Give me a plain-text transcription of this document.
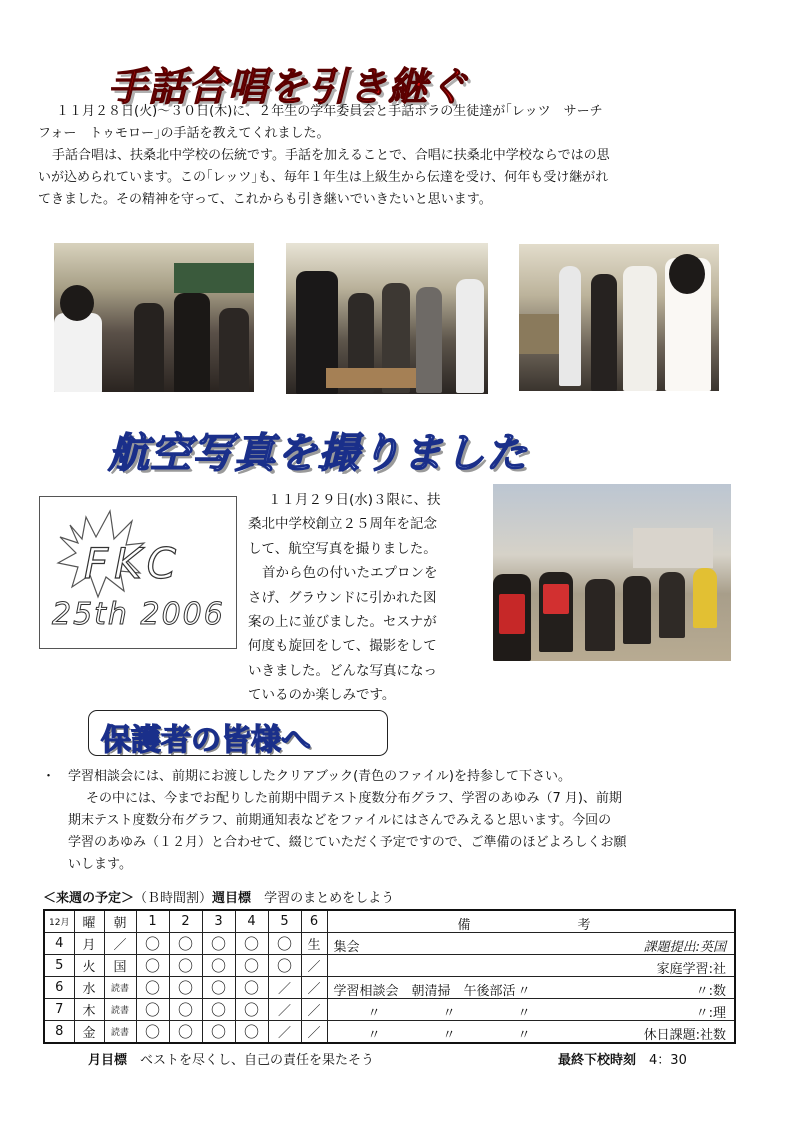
手話合唱を引き継ぐ

１１月２８日(火)～３０日(木)に、２年生の学年委員会と手話ボラの生徒達が｢レッツ　サーチ

フォー　トゥモロー｣の手話を教えてくれました。

手話合唱は、扶桑北中学校の伝統です。手話を加えることで、合唱に扶桑北中学校ならではの思

いが込められています。この｢レッツ｣も、毎年１年生は上級生から伝達を受け、何年も受け継がれ

てきました。その精神を守って、これからも引き継いでいきたいと思います。

航空写真を撮りました
FKC
25th 2006
１１月２９日(水)３限に、扶
桑北中学校創立２５周年を記念
して、航空写真を撮りました。
首から色の付いたエプロンを
さげ、グラウンドに引かれた図
案の上に並びました。セスナが
何度も旋回をして、撮影をして
いきました。どんな写真になっ
ているのか楽しみです。
保護者の皆様へ
・ 学習相談会には、前期にお渡ししたクリアブック(青色のファイル)を持参して下さい。
その中には、今までお配りした前期中間テスト度数分布グラフ、学習のあゆみ（7 月)、前期
期末テスト度数分布グラフ、前期通知表などをファイルにはさんでみえると思います。今回の
学習のあゆみ（１２月）と合わせて、綴じていただく予定ですので、ご準備のほどよろしくお願
いします。
＜来週の予定＞（Ｂ時間割）週目標　 学習のまとめをしよう
12月	曜	朝	1	2	3	4	5	6	備 考

4	月	／	〇	〇	〇	〇	〇	生	集会 課題提出:英国

5	火	国	〇	〇	〇	〇	〇	／	家庭学習:社

6	水	読書	〇	〇	〇	〇	／	／	学習相談会　朝清掃　午後部活 〃 〃:数

7	木	読書	〇	〇	〇	〇	／	／	〃 〃 〃 〃:理

8	金	読書	〇	〇	〇	〇	／	／	〃 〃 〃 休日課題:社数
月目標　 ベストを尽くし、自己の責任を果たそう	最終下校時刻　 4：30
